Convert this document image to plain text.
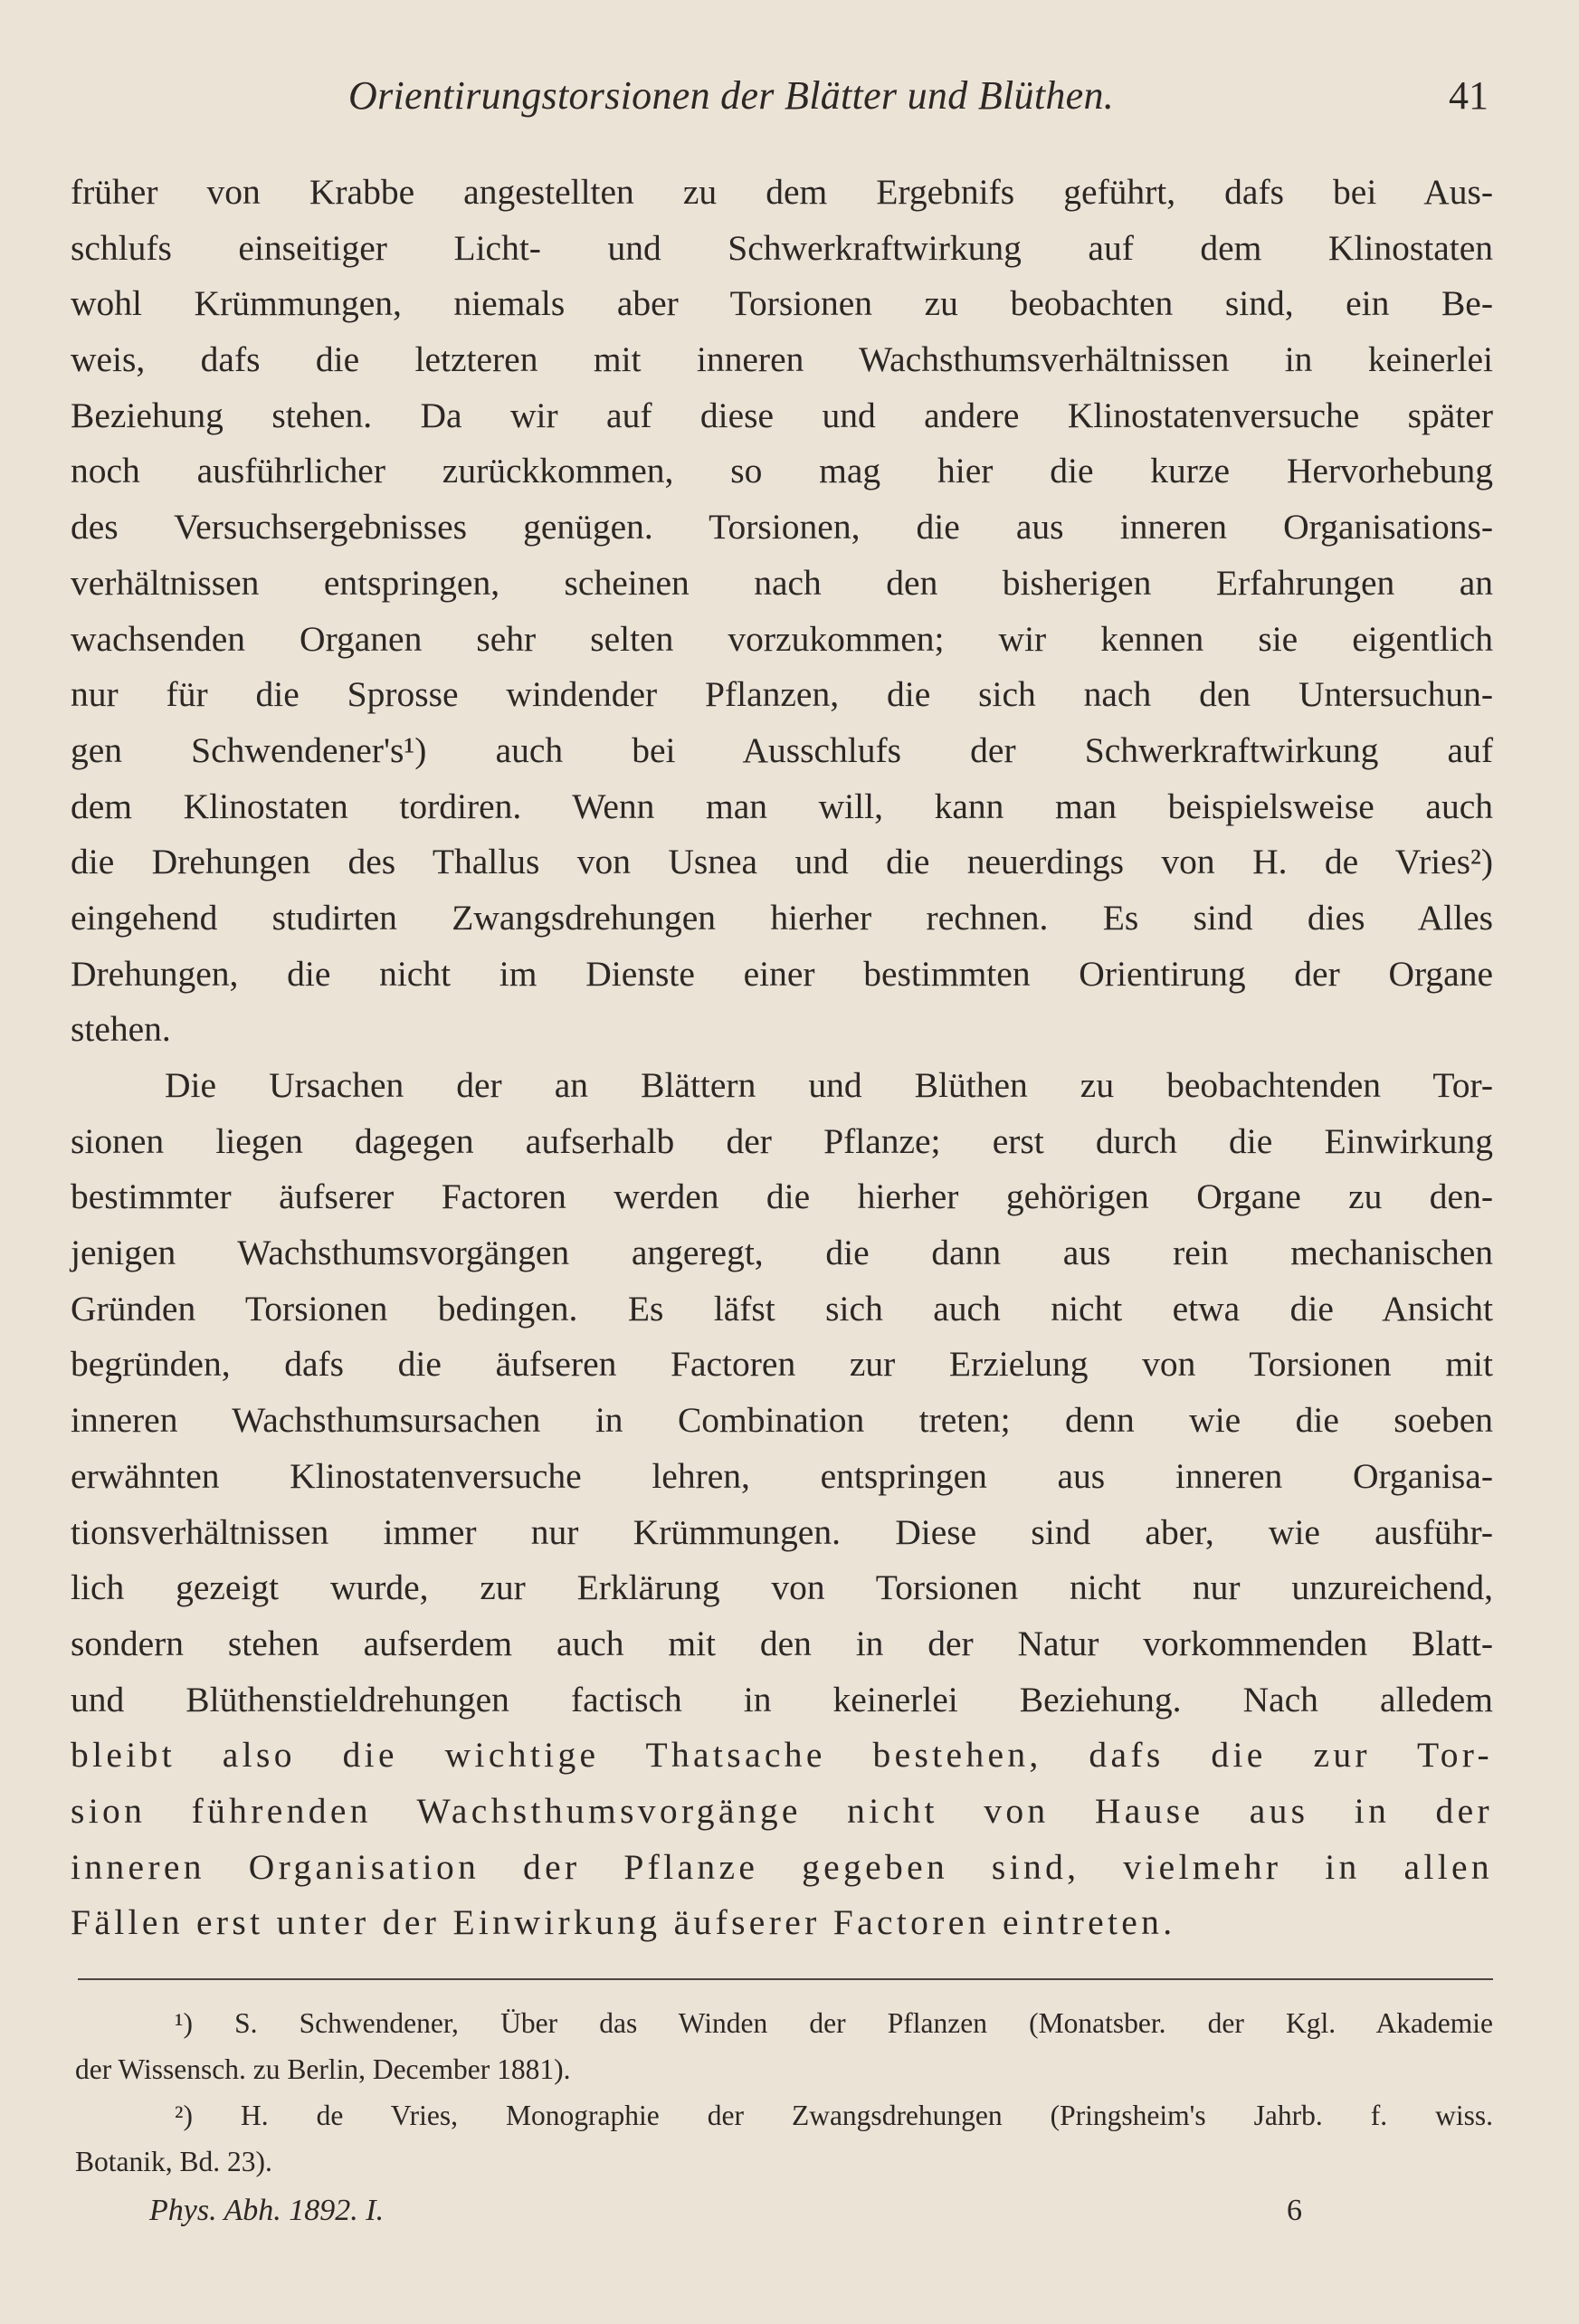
Orientirungstorsionen der Blätter und Blüthen.	41
früher von Krabbe angestellten zu dem Ergebnifs geführt, dafs bei Aus-
schlufs einseitiger Licht- und Schwerkraftwirkung auf dem Klinostaten
wohl Krümmungen, niemals aber Torsionen zu beobachten sind, ein Be-
weis, dafs die letzteren mit inneren Wachsthumsverhältnissen in keinerlei
Beziehung stehen. Da wir auf diese und andere Klinostatenversuche später
noch ausführlicher zurückkommen, so mag hier die kurze Hervorhebung
des Versuchsergebnisses genügen. Torsionen, die aus inneren Organisations-
verhältnissen entspringen, scheinen nach den bisherigen Erfahrungen an
wachsenden Organen sehr selten vorzukommen; wir kennen sie eigentlich
nur für die Sprosse windender Pflanzen, die sich nach den Untersuchun-
gen Schwendener's¹) auch bei Ausschlufs der Schwerkraftwirkung auf
dem Klinostaten tordiren. Wenn man will, kann man beispielsweise auch
die Drehungen des Thallus von Usnea und die neuerdings von H. de Vries²)
eingehend studirten Zwangsdrehungen hierher rechnen. Es sind dies Alles
Drehungen, die nicht im Dienste einer bestimmten Orientirung der Organe
stehen.
Die Ursachen der an Blättern und Blüthen zu beobachtenden Tor-
sionen liegen dagegen aufserhalb der Pflanze; erst durch die Einwirkung
bestimmter äufserer Factoren werden die hierher gehörigen Organe zu den-
jenigen Wachsthumsvorgängen angeregt, die dann aus rein mechanischen
Gründen Torsionen bedingen. Es läfst sich auch nicht etwa die Ansicht
begründen, dafs die äufseren Factoren zur Erzielung von Torsionen mit
inneren Wachsthumsursachen in Combination treten; denn wie die soeben
erwähnten Klinostatenversuche lehren, entspringen aus inneren Organisa-
tionsverhältnissen immer nur Krümmungen. Diese sind aber, wie ausführ-
lich gezeigt wurde, zur Erklärung von Torsionen nicht nur unzureichend,
sondern stehen aufserdem auch mit den in der Natur vorkommenden Blatt-
und Blüthenstieldrehungen factisch in keinerlei Beziehung. Nach alledem
bleibt also die wichtige Thatsache bestehen, dafs die zur Tor-
sion führenden Wachsthumsvorgänge nicht von Hause aus in der
inneren Organisation der Pflanze gegeben sind, vielmehr in allen
Fällen erst unter der Einwirkung äufserer Factoren eintreten.
¹) S. Schwendener, Über das Winden der Pflanzen (Monatsber. der Kgl. Akademie
der Wissensch. zu Berlin, December 1881).
²) H. de Vries, Monographie der Zwangsdrehungen (Pringsheim's Jahrb. f. wiss.
Botanik, Bd. 23).
Phys. Abh. 1892. I.	6
